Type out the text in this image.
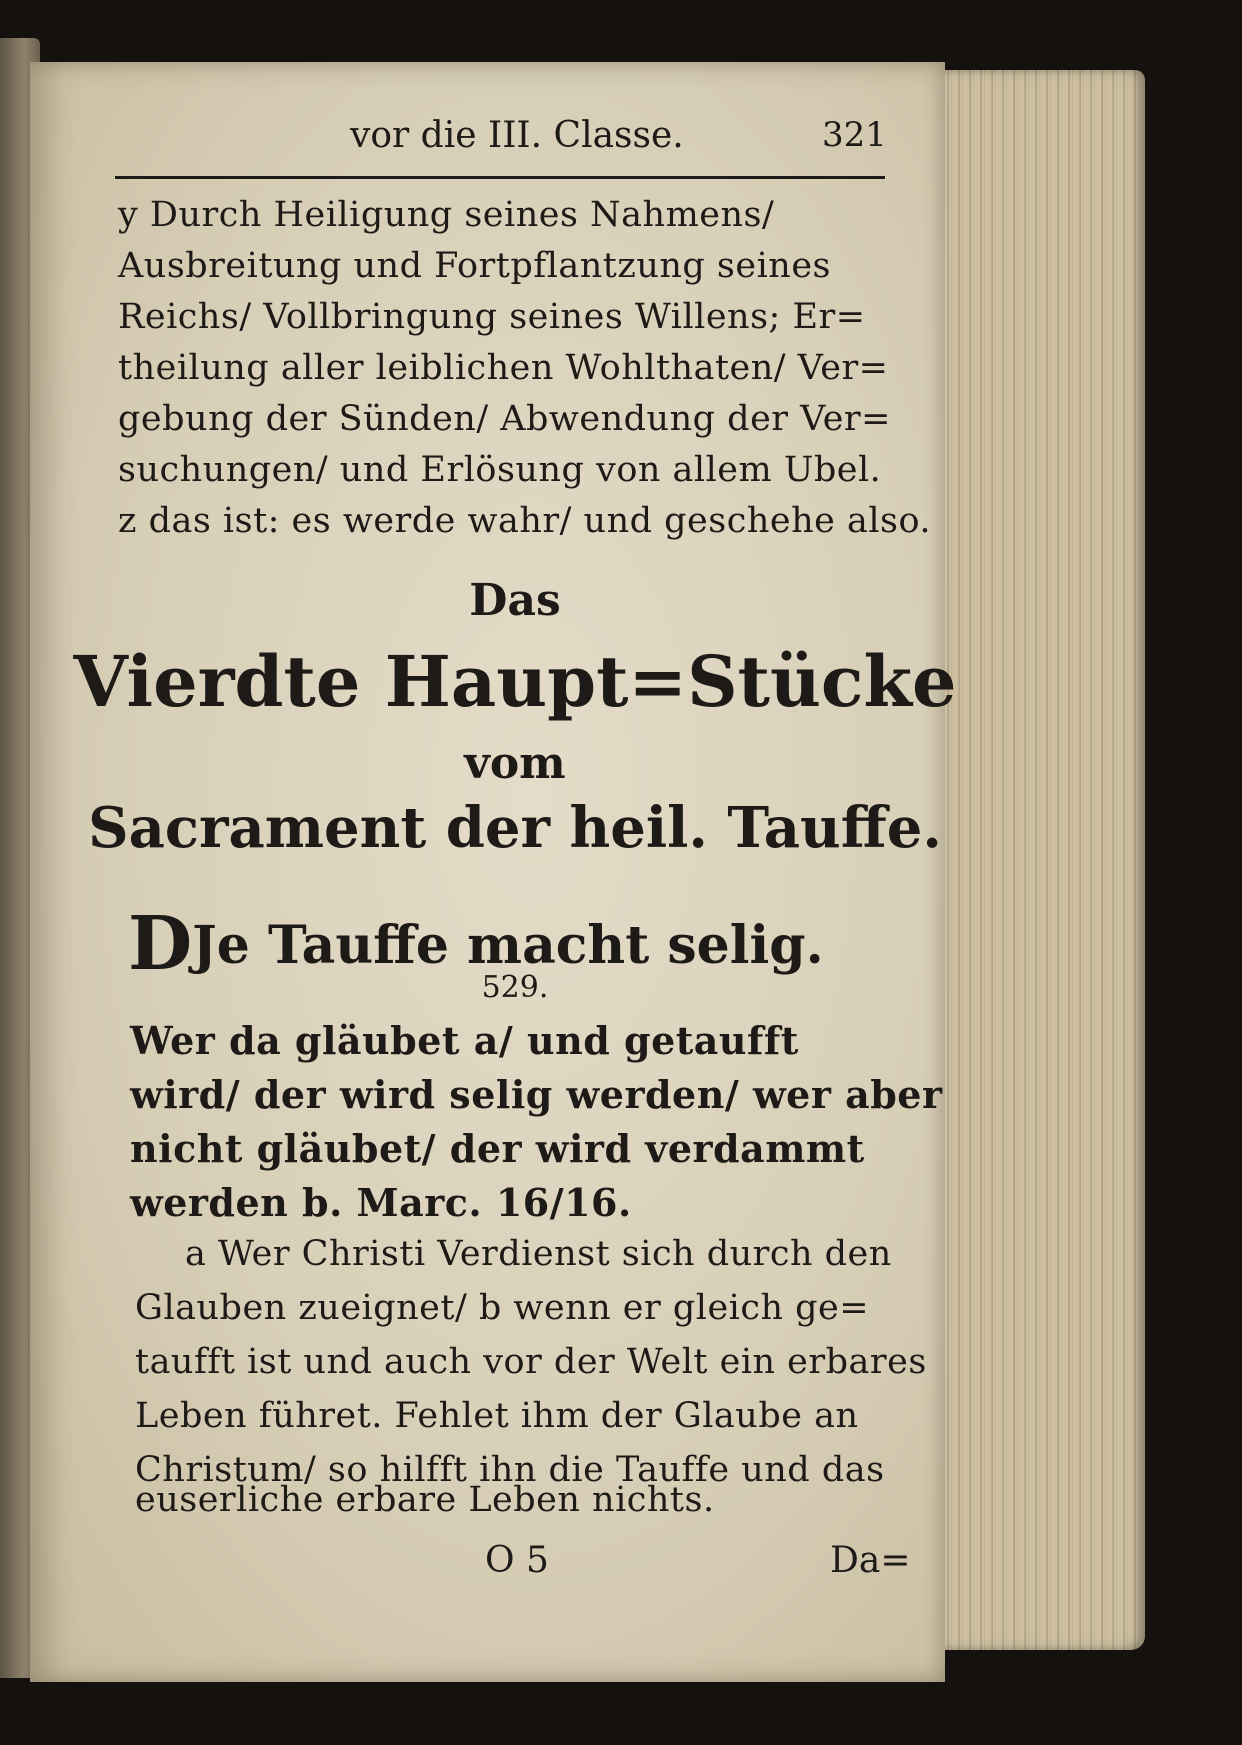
vor die III. Classe.	321
y Durch Heiligung seines Nahmens/
Ausbreitung und Fortpflantzung seines
Reichs/ Vollbringung seines Willens; Er=
theilung aller leiblichen Wohlthaten/ Ver=
gebung der Sünden/ Abwendung der Ver=
suchungen/ und Erlösung von allem Ubel.
z das ist: es werde wahr/ und geschehe also.
Das
Vierdte Haupt=Stücke
vom
Sacrament der heil. Tauffe.
DJe Tauffe macht selig.
529.
Wer da gläubet a/ und getaufft
wird/ der wird selig werden/ wer aber
nicht gläubet/ der wird verdammt
werden b. Marc. 16/16.
a Wer Christi Verdienst sich durch den
Glauben zueignet/ b wenn er gleich ge=
taufft ist und auch vor der Welt ein erbares
Leben führet. Fehlet ihm der Glaube an
Christum/ so hilfft ihn die Tauffe und das
euserliche erbare Leben nichts.
O 5	Da=
